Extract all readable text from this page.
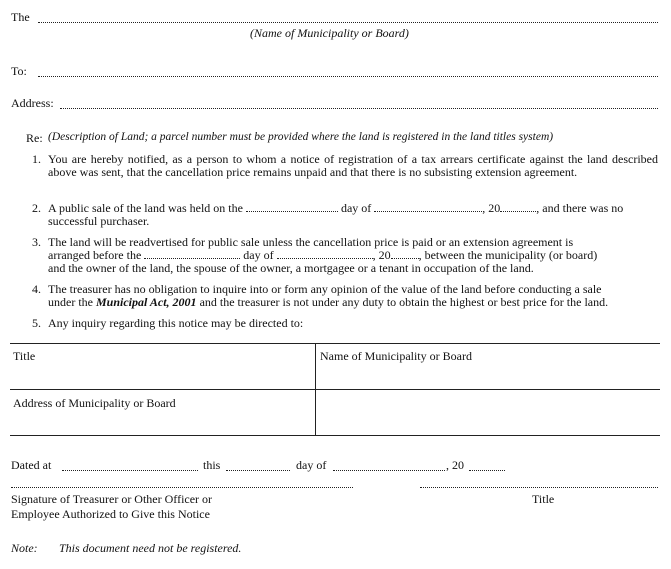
The
(Name of Municipality or Board)
To:
Address:
Re: (Description of Land; a parcel number must be provided where the land is registered in the land titles system)
1. You are hereby notified, as a person to whom a notice of registration of a tax arrears certificate against the land described above was sent, that the cancellation price remains unpaid and that there is no subsisting extension agreement.
2. A public sale of the land was held on the	day of	, 20	, and there was no
successful purchaser.
3. The land will be readvertised for public sale unless the cancellation price is paid or an extension agreement is
arranged before the	day of	, 20 , between the municipality (or board)
and the owner of the land, the spouse of the owner, a mortgagee or a tenant in occupation of the land.
4. The treasurer has no obligation to inquire into or form any opinion of the value of the land before conducting a sale
under the Municipal Act, 2001 and the treasurer is not under any duty to obtain the highest or best price for the land.
5. Any inquiry regarding this notice may be directed to:
Title	Name of Municipality or Board
Address of Municipality or Board
Dated at	this	day of	, 20
Signature of Treasurer or Other Officer or
Employee Authorized to Give this Notice
Title
Note: This document need not be registered.
